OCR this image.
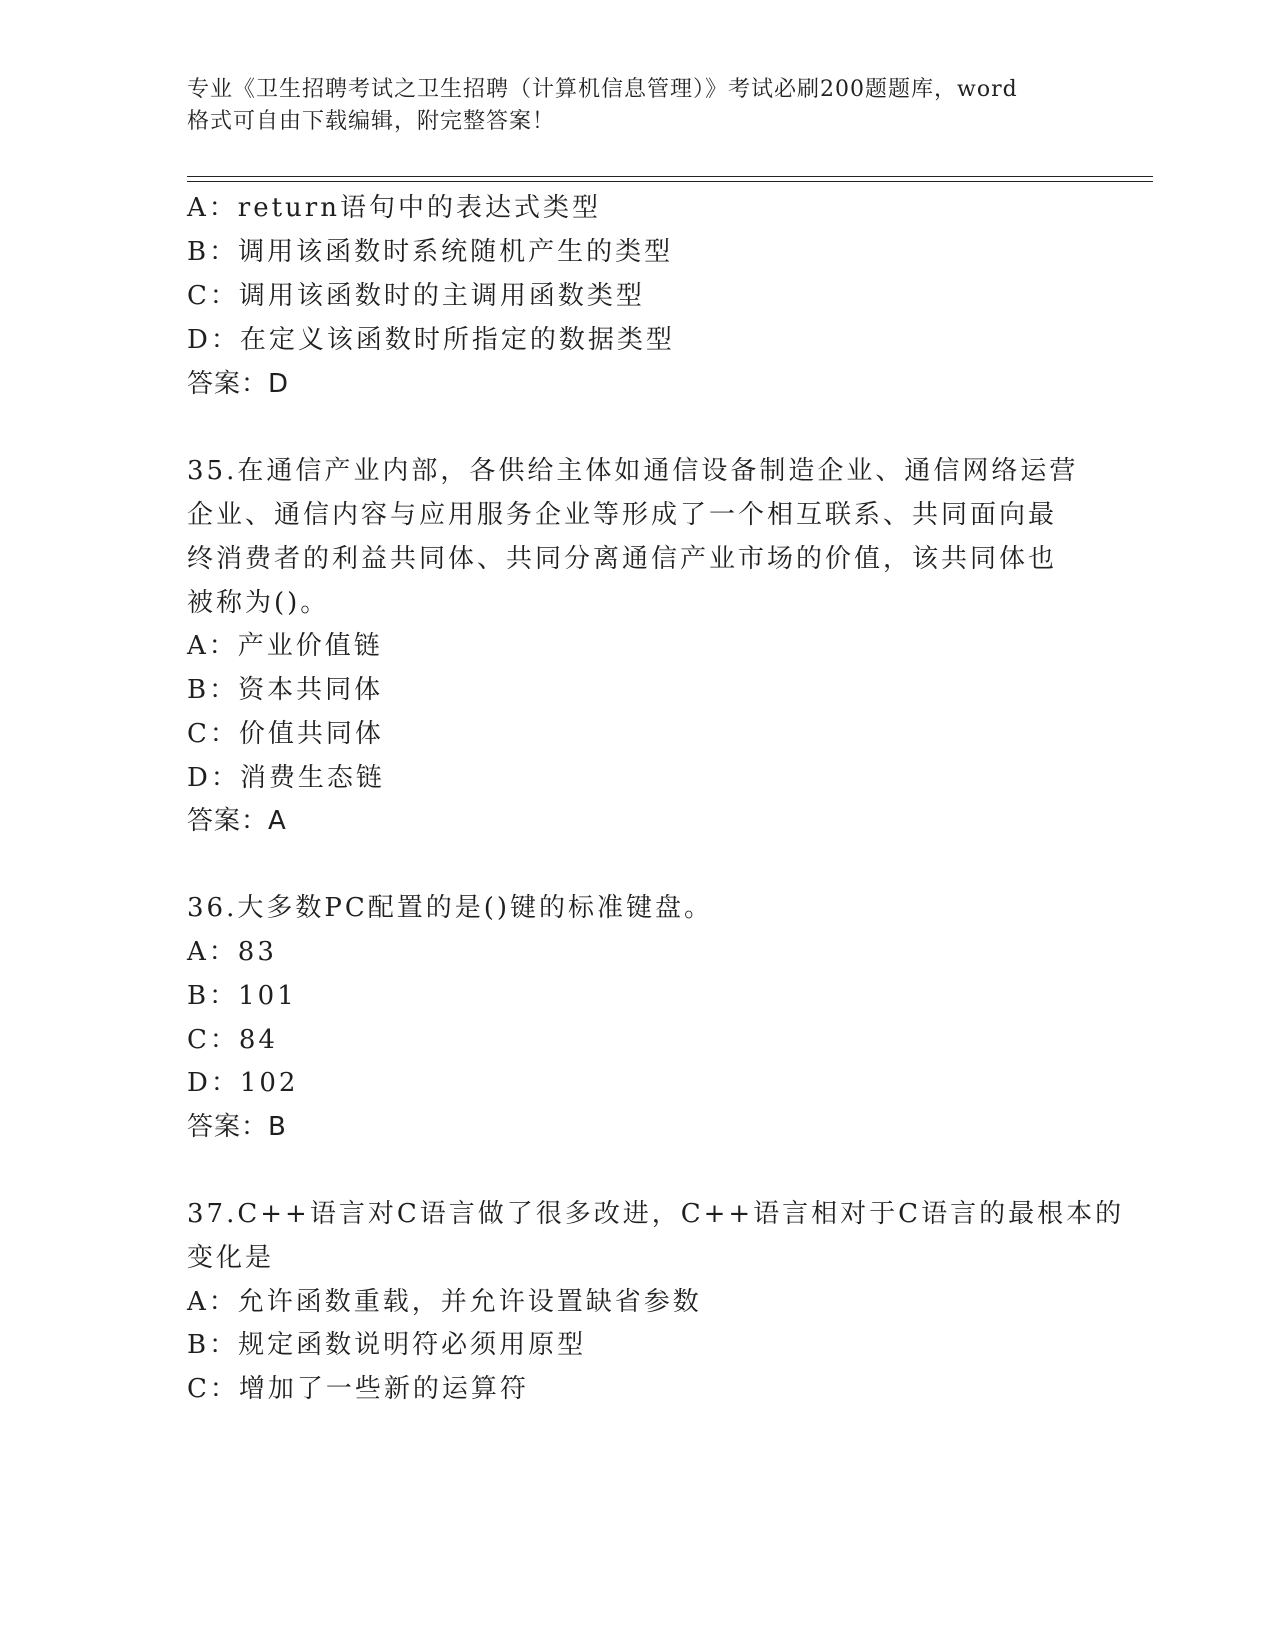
专业《卫生招聘考试之卫生招聘（计算机信息管理）》考试必刷200题题库，word
格式可自由下载编辑，附完整答案！
A：return语句中的表达式类型
B：调用该函数时系统随机产生的类型
C：调用该函数时的主调用函数类型
D：在定义该函数时所指定的数据类型
答案：D
35.在通信产业内部，各供给主体如通信设备制造企业、通信网络运营
企业、通信内容与应用服务企业等形成了一个相互联系、共同面向最
终消费者的利益共同体、共同分离通信产业市场的价值，该共同体也
被称为()。
A：产业价值链
B：资本共同体
C：价值共同体
D：消费生态链
答案：A
36.大多数PC配置的是()键的标准键盘。
A：83
B：101
C：84
D：102
答案：B
37.C++语言对C语言做了很多改进，C++语言相对于C语言的最根本的
变化是
A：允许函数重载，并允许设置缺省参数
B：规定函数说明符必须用原型
C：增加了一些新的运算符
